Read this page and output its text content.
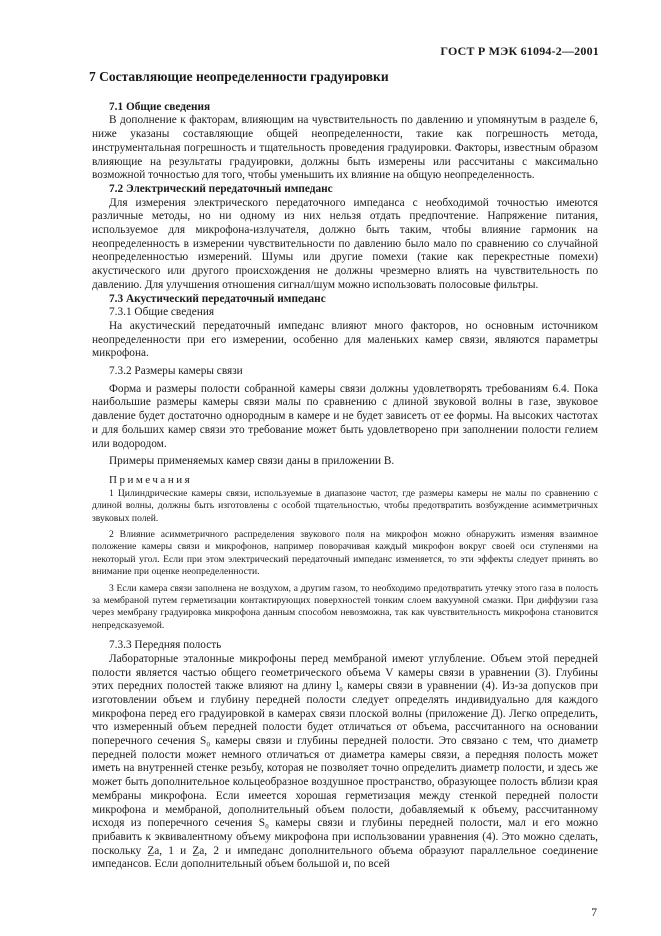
ГОСТ Р МЭК 61094-2—2001
7 Составляющие неопределенности градуировки
7.1 Общие сведения

В дополнение к факторам, влияющим на чувствительность по давлению и упомянутым в разделе 6, ниже указаны составляющие общей неопределенности, такие как погрешность метода, инструментальная погрешность и тщательность проведения градуировки. Факторы, известным образом влияющие на результаты градуировки, должны быть измерены или рассчитаны с максимально возможной точностью для того, чтобы уменьшить их влияние на общую неопределенность.

7.2 Электрический передаточный импеданс

Для измерения электрического передаточного импеданса с необходимой точностью имеются различные методы, но ни одному из них нельзя отдать предпочтение. Напряжение питания, используемое для микрофона-излучателя, должно быть таким, чтобы влияние гармоник на неопределенность в измерении чувствительности по давлению было мало по сравнению со случайной неопределенностью измерений. Шумы или другие помехи (такие как перекрестные помехи) акустического или другого происхождения не должны чрезмерно влиять на чувствительность по давлению. Для улучшения отношения сигнал/шум можно использовать полосовые фильтры.

7.3 Акустический передаточный импеданс
7.3.1 Общие сведения

На акустический передаточный импеданс влияют много факторов, но основным источником неопределенности при его измерении, особенно для маленьких камер связи, являются параметры микрофона.

7.3.2 Размеры камеры связи

Форма и размеры полости собранной камеры связи должны удовлетворять требованиям 6.4. Пока наибольшие размеры камеры связи малы по сравнению с длиной звуковой волны в газе, звуковое давление будет достаточно однородным в камере и не будет зависеть от ее формы. На высоких частотах и для больших камер связи это требование может быть удовлетворено при заполнении полости гелием или водородом.

Примеры применяемых камер связи даны в приложении В.

Примечания

1 Цилиндрические камеры связи, используемые в диапазоне частот, где размеры камеры не малы по сравнению с длиной волны, должны быть изготовлены с особой тщательностью, чтобы предотвратить возбуждение асимметричных звуковых полей.

2 Влияние асимметричного распределения звукового поля на микрофон можно обнаружить изменяя взаимное положение камеры связи и микрофонов, например поворачивая каждый микрофон вокруг своей оси ступенями на некоторый угол. Если при этом электрический передаточный импеданс изменяется, то эти эффекты следует принять во внимание при оценке неопределенности.

3 Если камера связи заполнена не воздухом, а другим газом, то необходимо предотвратить утечку этого газа в полость за мембраной путем герметизации контактирующих поверхностей тонким слоем вакуумной смазки. При диффузии газа через мембрану градуировка микрофона данным способом невозможна, так как чувствительность микрофона становится непредсказуемой.

7.3.3 Передняя полость

Лабораторные эталонные микрофоны перед мембраной имеют углубление. Объем этой передней полости является частью общего геометрического объема V камеры связи в уравнении (3). Глубины этих передних полостей также влияют на длину l₀ камеры связи в уравнении (4). Из-за допусков при изготовлении объем и глубину передней полости следует определять индивидуально для каждого микрофона перед его градуировкой в камерах связи плоской волны (приложение Д). Легко определить, что измеренный объем передней полости будет отличаться от объема, рассчитанного на основании поперечного сечения S₀ камеры связи и глубины передней полости. Это связано с тем, что диаметр передней полости может немного отличаться от диаметра камеры связи, а передняя полость может иметь на внутренней стенке резьбу, которая не позволяет точно определить диаметр полости, и здесь же может быть дополнительное кольцеобразное воздушное пространство, образующее полость вблизи края мембраны микрофона. Если имеется хорошая герметизация между стенкой передней полости микрофона и мембраной, дополнительный объем полости, добавляемый к объему, рассчитанному исходя из поперечного сечения S₀ камеры связи и глубины передней полости, мал и его можно прибавить к эквивалентному объему микрофона при использовании уравнения (4). Это можно сделать, поскольку Z̲a, 1 и Z̲a, 2 и импеданс дополнительного объема образуют параллельное соединение импедансов. Если дополнительный объем большой и, по всей

7
